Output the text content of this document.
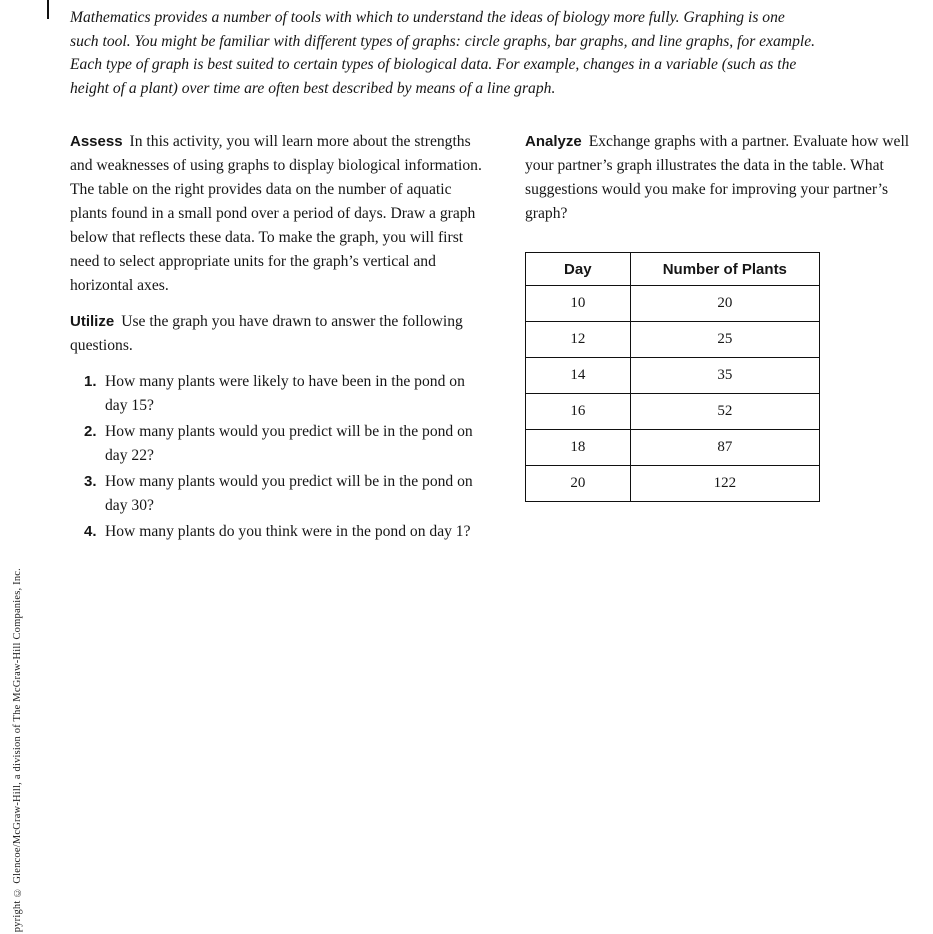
pyright © Glencoe/McGraw-Hill, a division of The McGraw-Hill Companies, Inc.

Mathematics provides a number of tools with which to understand the ideas of biology more fully. Graphing is one such tool. You might be familiar with different types of graphs: circle graphs, bar graphs, and line graphs, for example. Each type of graph is best suited to certain types of biological data. For example, changes in a variable (such as the height of a plant) over time are often best described by means of a line graph.

Assess In this activity, you will learn more about the strengths and weaknesses of using graphs to display biological information. The table on the right provides data on the number of aquatic plants found in a small pond over a period of days. Draw a graph below that reflects these data. To make the graph, you will first need to select appropriate units for the graph’s vertical and horizontal axes.

Utilize Use the graph you have drawn to answer the following questions.

1. How many plants were likely to have been in the pond on day 15?
2. How many plants would you predict will be in the pond on day 22?
3. How many plants would you predict will be in the pond on day 30?
4. How many plants do you think were in the pond on day 1?

Analyze Exchange graphs with a partner. Evaluate how well your partner’s graph illustrates the data in the table. What suggestions would you make for improving your partner’s graph?

Day	Number of Plants
10	20
12	25
14	35
16	52
18	87
20	122
